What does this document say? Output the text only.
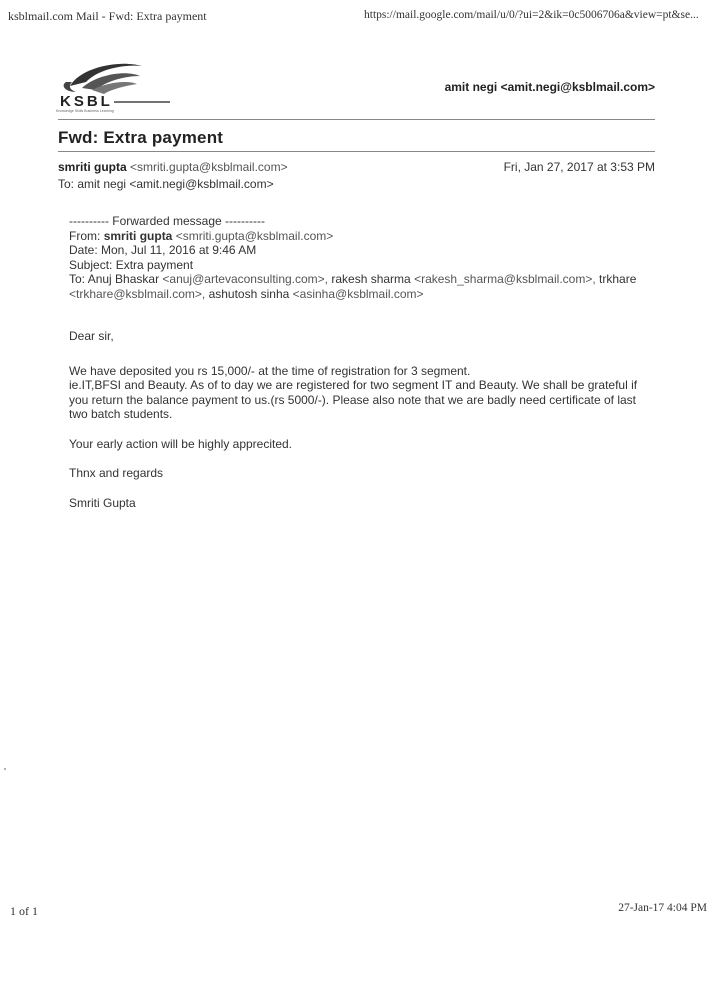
ksblmail.com Mail - Fwd: Extra payment	https://mail.google.com/mail/u/0/?ui=2&ik=0c5006706a&view=pt&se...
KSBL
Knowledge Skills Business Learning
amit negi <amit.negi@ksblmail.com>
Fwd: Extra payment
smriti gupta <smriti.gupta@ksblmail.com>	Fri, Jan 27, 2017 at 3:53 PM
To: amit negi <amit.negi@ksblmail.com>

---------- Forwarded message ----------

From: smriti gupta <smriti.gupta@ksblmail.com>

Date: Mon, Jul 11, 2016 at 9:46 AM

Subject: Extra payment

To: Anuj Bhaskar <anuj@artevaconsulting.com>, rakesh sharma <rakesh_sharma@ksblmail.com>, trkhare
<trkhare@ksblmail.com>, ashutosh sinha <asinha@ksblmail.com>

Dear sir,

We have deposited you rs 15,000/- at the time of registration for 3 segment.

ie.IT,BFSI and Beauty. As of to day we are registered for two segment IT and Beauty. We shall be grateful if

you return the balance payment to us.(rs 5000/-). Please also note that we are badly need certificate of last

two batch students.

Your early action will be highly apprecited.

Thnx and regards

Smriti Gupta

1 of 1	27-Jan-17 4:04 PM
